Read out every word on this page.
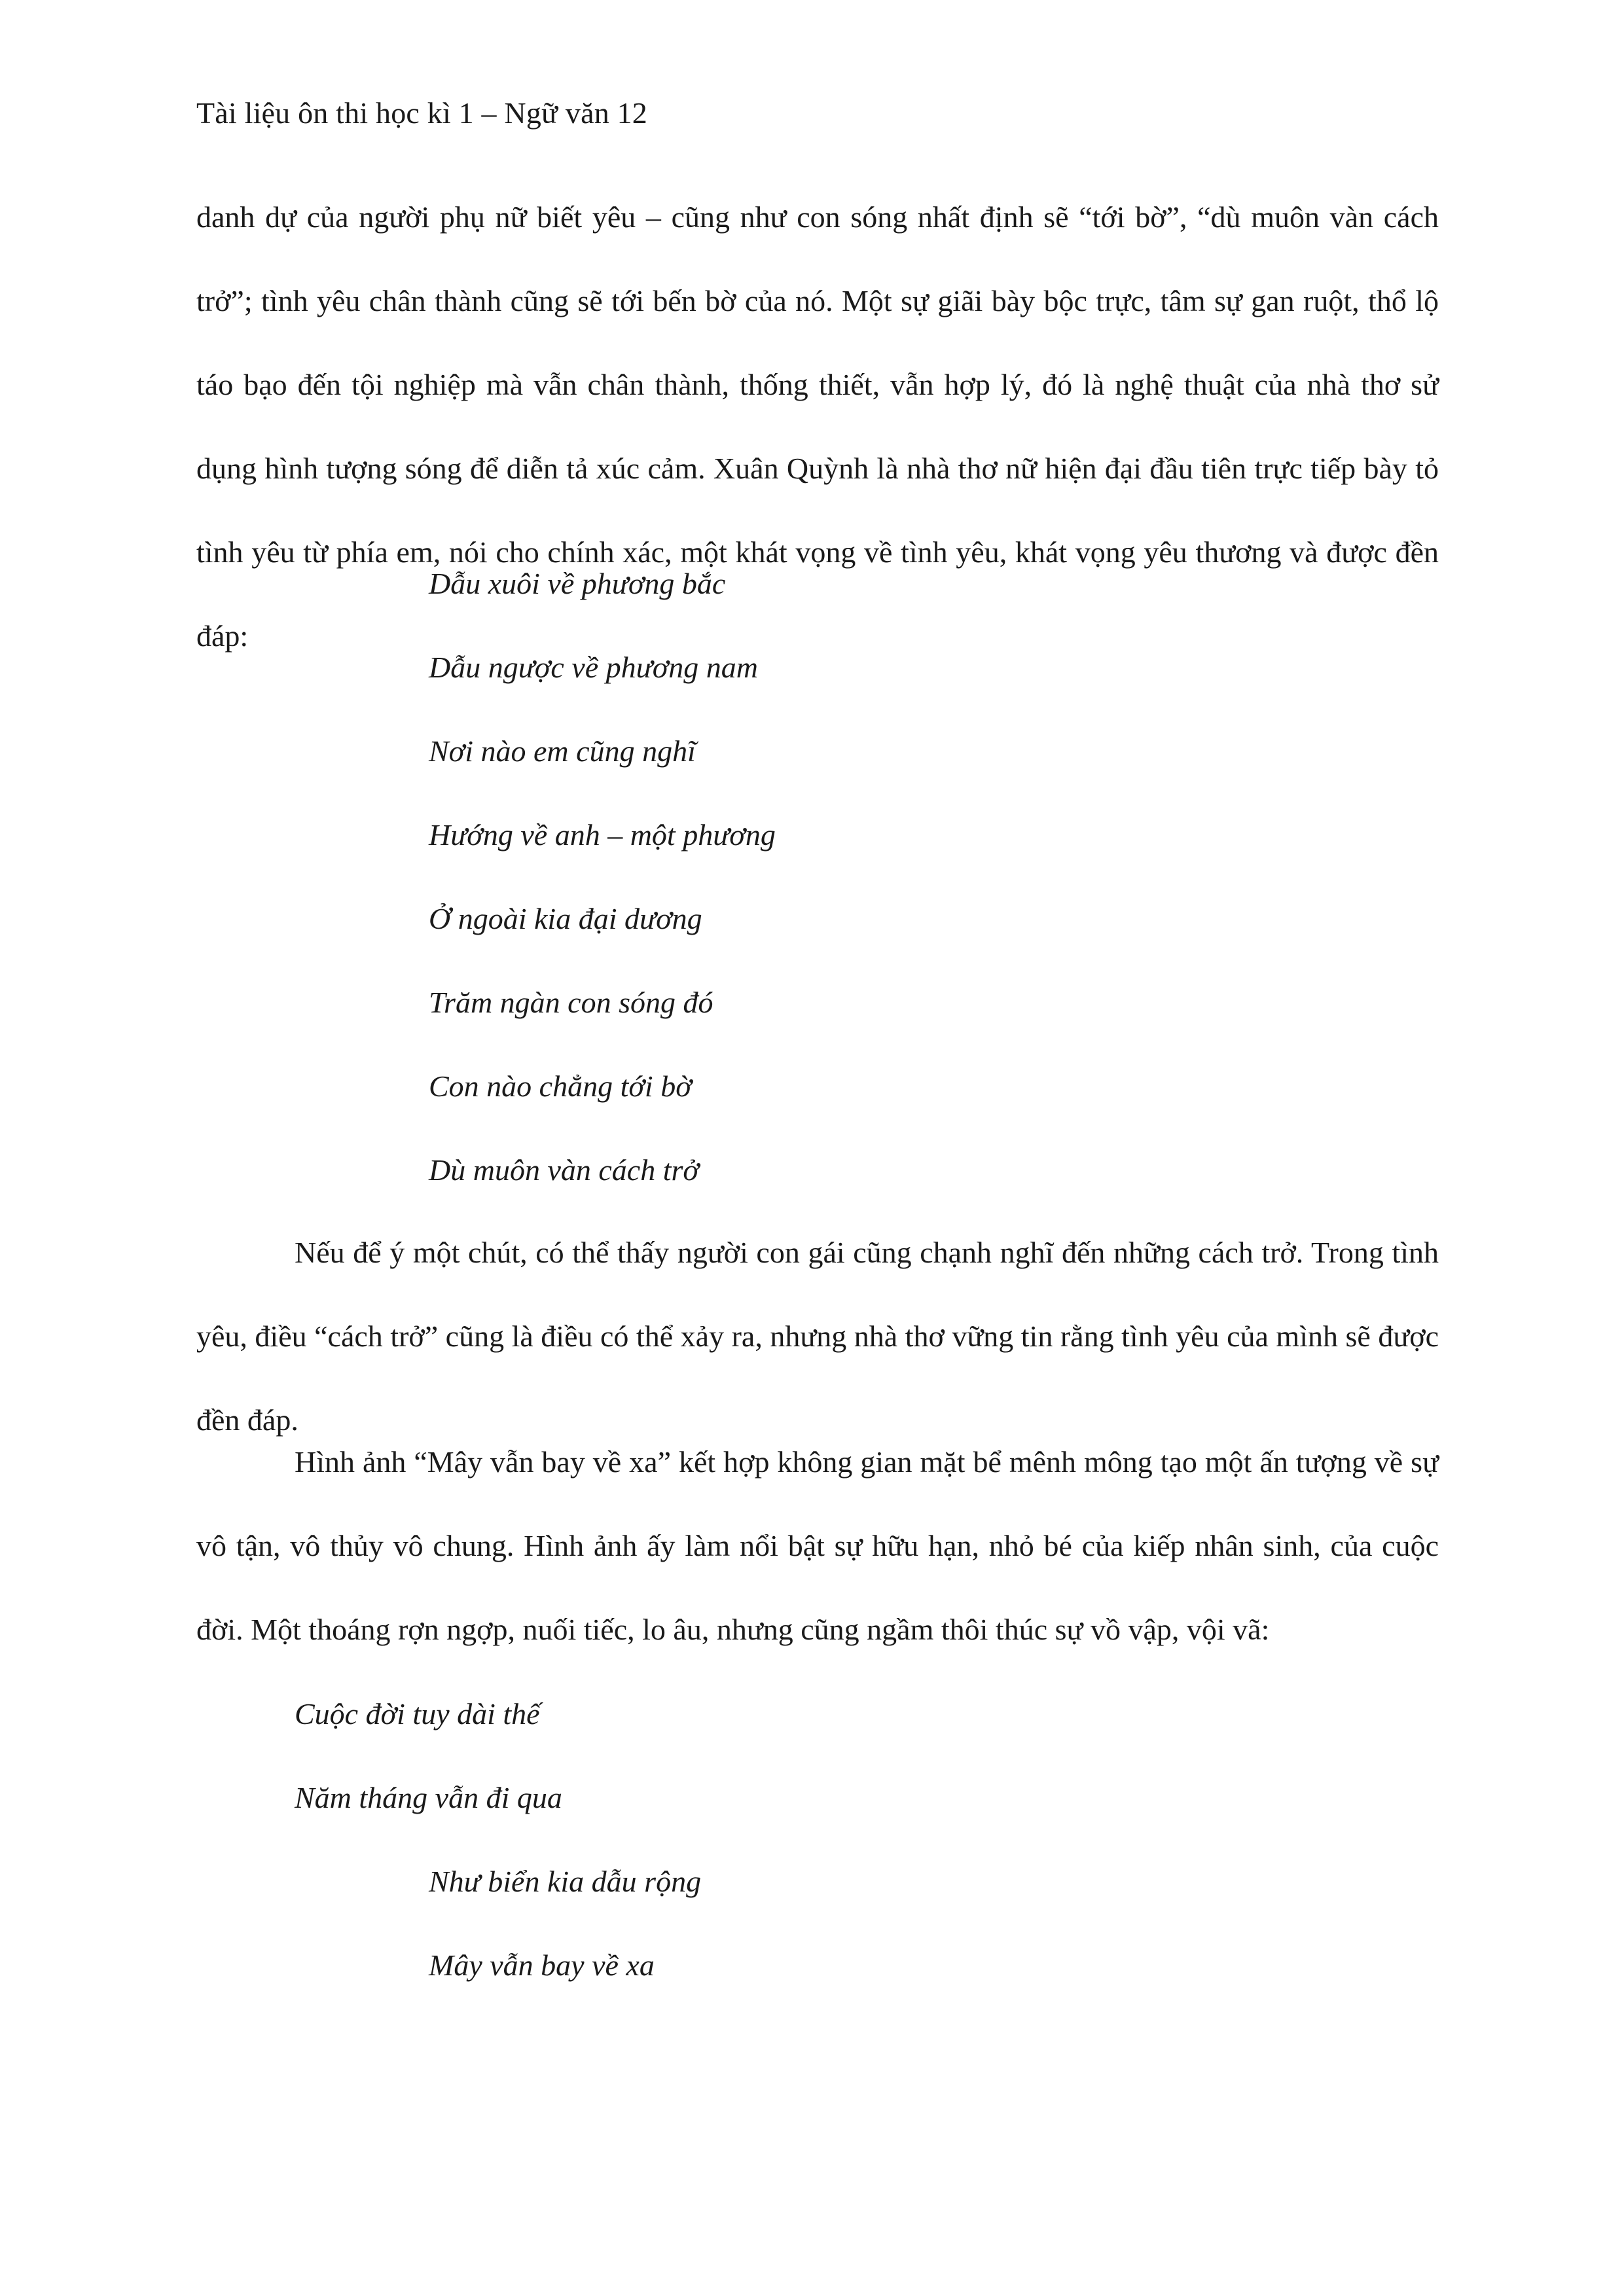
Tài liệu ôn thi học kì 1 – Ngữ văn 12

danh dự của người phụ nữ biết yêu – cũng như con sóng nhất định sẽ “tới bờ”, “dù muôn vàn cách trở”; tình yêu chân thành cũng sẽ tới bến bờ của nó. Một sự giãi bày bộc trực, tâm sự gan ruột, thổ lộ táo bạo đến tội nghiệp mà vẫn chân thành, thống thiết, vẫn hợp lý, đó là nghệ thuật của nhà thơ sử dụng hình tượng sóng để diễn tả xúc cảm. Xuân Quỳnh là nhà thơ nữ hiện đại đầu tiên trực tiếp bày tỏ tình yêu từ phía em, nói cho chính xác, một khát vọng về tình yêu, khát vọng yêu thương và được đền đáp:

Dẫu xuôi về phương bắc
Dẫu ngược về phương nam
Nơi nào em cũng nghĩ
Hướng về anh – một phương
Ở ngoài kia đại dương
Trăm ngàn con sóng đó
Con nào chẳng tới bờ
Dù muôn vàn cách trở

Nếu để ý một chút, có thể thấy người con gái cũng chạnh nghĩ đến những cách trở. Trong tình yêu, điều “cách trở” cũng là điều có thể xảy ra, nhưng nhà thơ vững tin rằng tình yêu của mình sẽ được đền đáp.

Hình ảnh “Mây vẫn bay về xa” kết hợp không gian mặt bể mênh mông tạo một ấn tượng về sự vô tận, vô thủy vô chung. Hình ảnh ấy làm nổi bật sự hữu hạn, nhỏ bé của kiếp nhân sinh, của cuộc đời. Một thoáng rợn ngợp, nuối tiếc, lo âu, nhưng cũng ngầm thôi thúc sự vồ vập, vội vã:

Cuộc đời tuy dài thế
Năm tháng vẫn đi qua
Như biển kia dẫu rộng
Mây vẫn bay về xa
